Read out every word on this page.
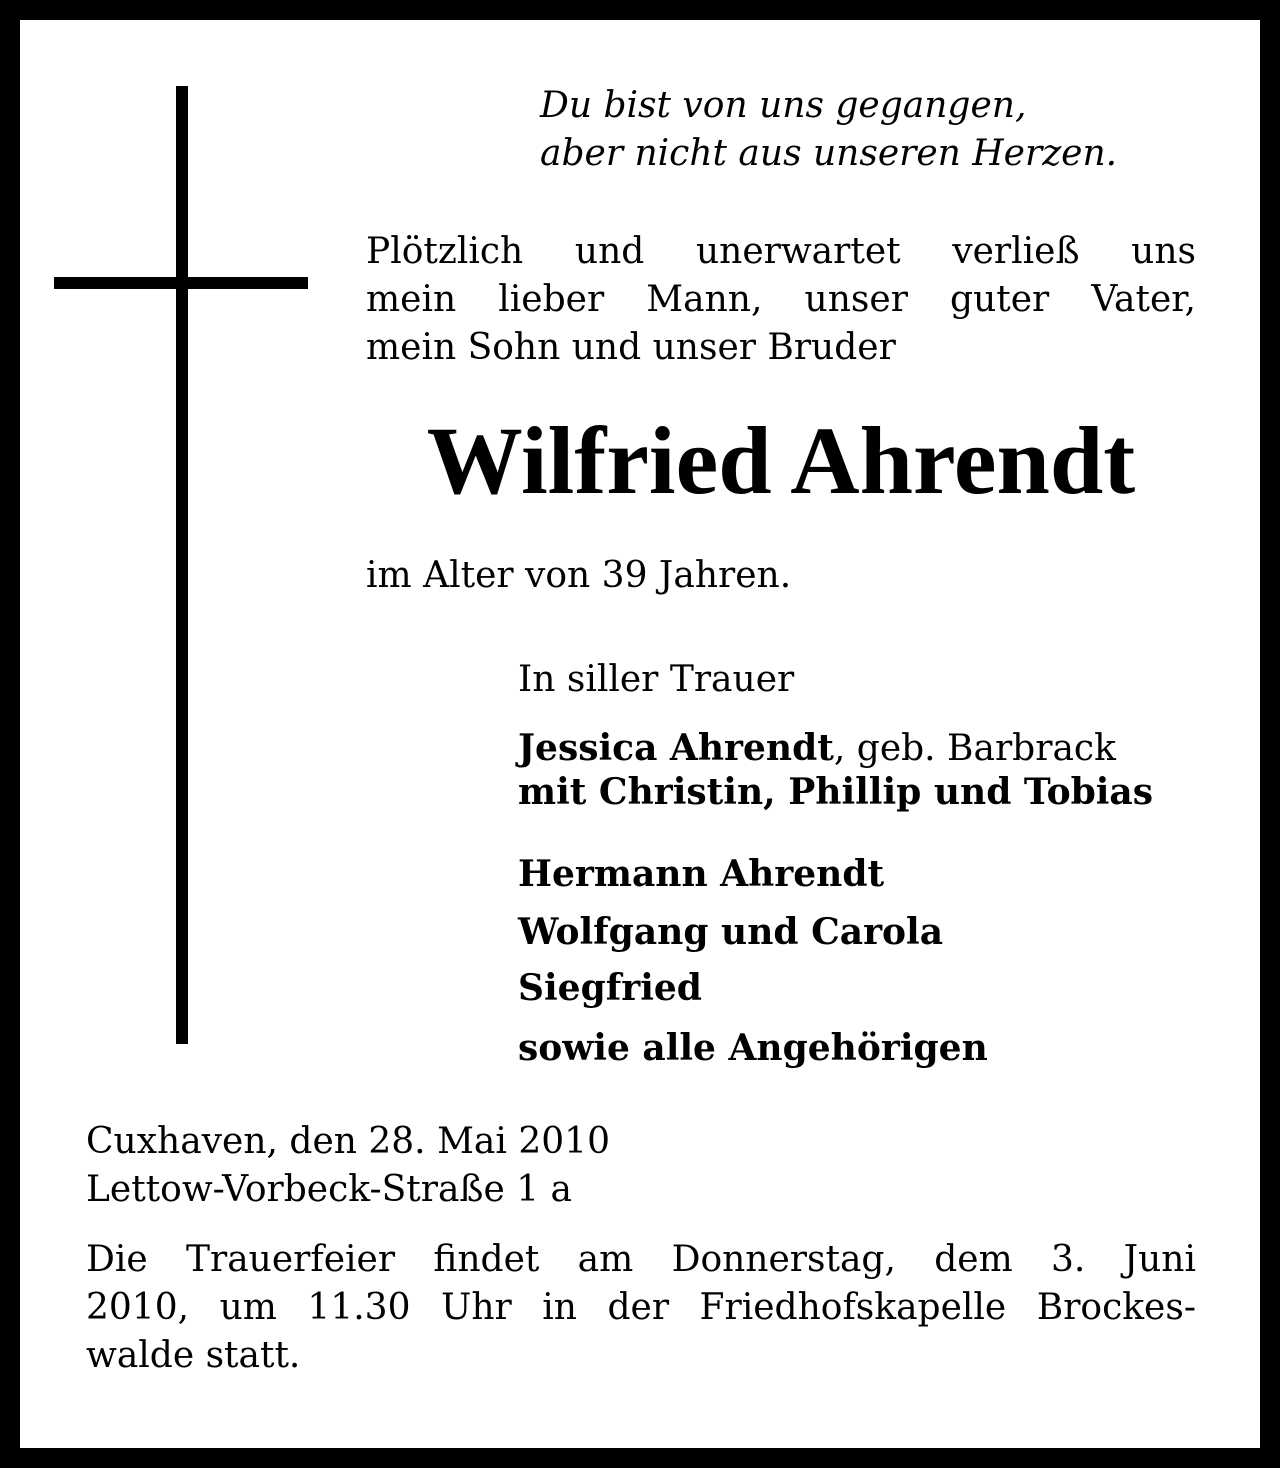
Du bist von uns gegangen,
aber nicht aus unseren Herzen.
Plötzlich und unerwartet verließ uns
mein lieber Mann, unser guter Vater,
mein Sohn und unser Bruder
Wilfried Ahrendt
im Alter von 39 Jahren.
In siller Trauer
Jessica Ahrendt, geb. Barbrack
mit Christin, Phillip und Tobias
Hermann Ahrendt
Wolfgang und Carola
Siegfried
sowie alle Angehörigen
Cuxhaven, den 28. Mai 2010
Lettow-Vorbeck-Straße 1 a
Die Trauerfeier findet am Donnerstag, dem 3. Juni
2010, um 11.30 Uhr in der Friedhofskapelle Brockes-
walde statt.
